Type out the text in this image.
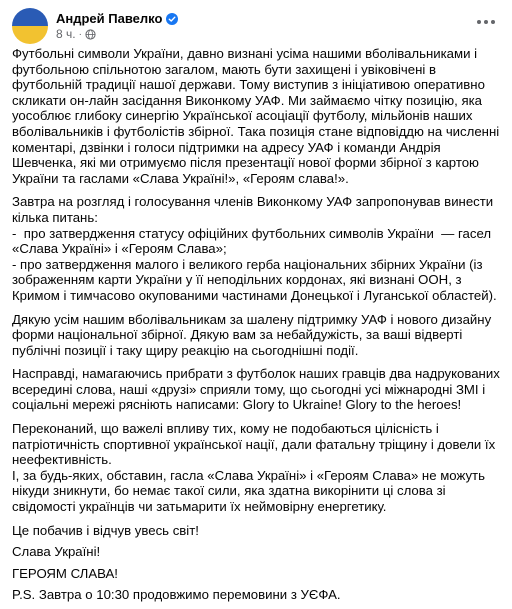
Андрей Павелко
8 ч. ·

Футбольні символи України, давно визнані усіма нашими вболівальниками і футбольною спільнотою загалом, мають бути захищені і увіковічені в футбольній традиції нашої держави. Тому виступив з ініціативою оперативно скликати он-лайн засідання Виконкому УАФ. Ми займаємо чітку позицію, яка уособлює глибоку синергію Української асоціації футболу, мільйонів наших вболівальників і футболістів збірної. Така позиція стане відповіддю на численні коментарі, дзвінки і голоси підтримки на адресу УАФ і команди Андрія Шевченка, які ми отримуємо після презентації нової форми збірної з картою України та гаслами «Слава Україні!», «Героям слава!».

Завтра на розгляд і голосування членів Виконкому УАФ запропонував винести кілька питань:
-  про затвердження статусу офіційних футбольних символів України  — гасел «Слава Україні» і «Героям Слава»;
- про затвердження малого і великого герба національних збірних України (із зображенням карти України у її неподільних кордонах, які визнані ООН, з Кримом і тимчасово окупованими частинами Донецької і Луганської областей).

Дякую усім нашим вболівальникам за шалену підтримку УАФ і нового дизайну форми національної збірної. Дякую вам за небайдужість, за ваші відверті публічні позиції і таку щиру реакцію на сьогоднішні події.

Насправді, намагаючись прибрати з футболок наших гравців два надрукованих всередині слова, наші «друзі» сприяли тому, що сьогодні усі міжнародні ЗМІ і соціальні мережі рясніють написами: Glory to Ukraine! Glory to the heroes!

Переконаний, що важелі впливу тих, кому не подобаються цілісність і патріотичність спортивної української нації, дали фатальну тріщину і довели їх неефективність.
І, за будь-яких, обставин, гасла «Слава Україні» і «Героям Слава» не можуть нікуди зникнути, бо немає такої сили, яка здатна викорінити ці слова зі свідомості українців чи затьмарити їх неймовірну енергетику.

Це побачив і відчув увесь світ!

Слава Україні!

ГЕРОЯМ СЛАВА!

P.S. Завтра о 10:30 продовжимо перемовини з УЄФА.
